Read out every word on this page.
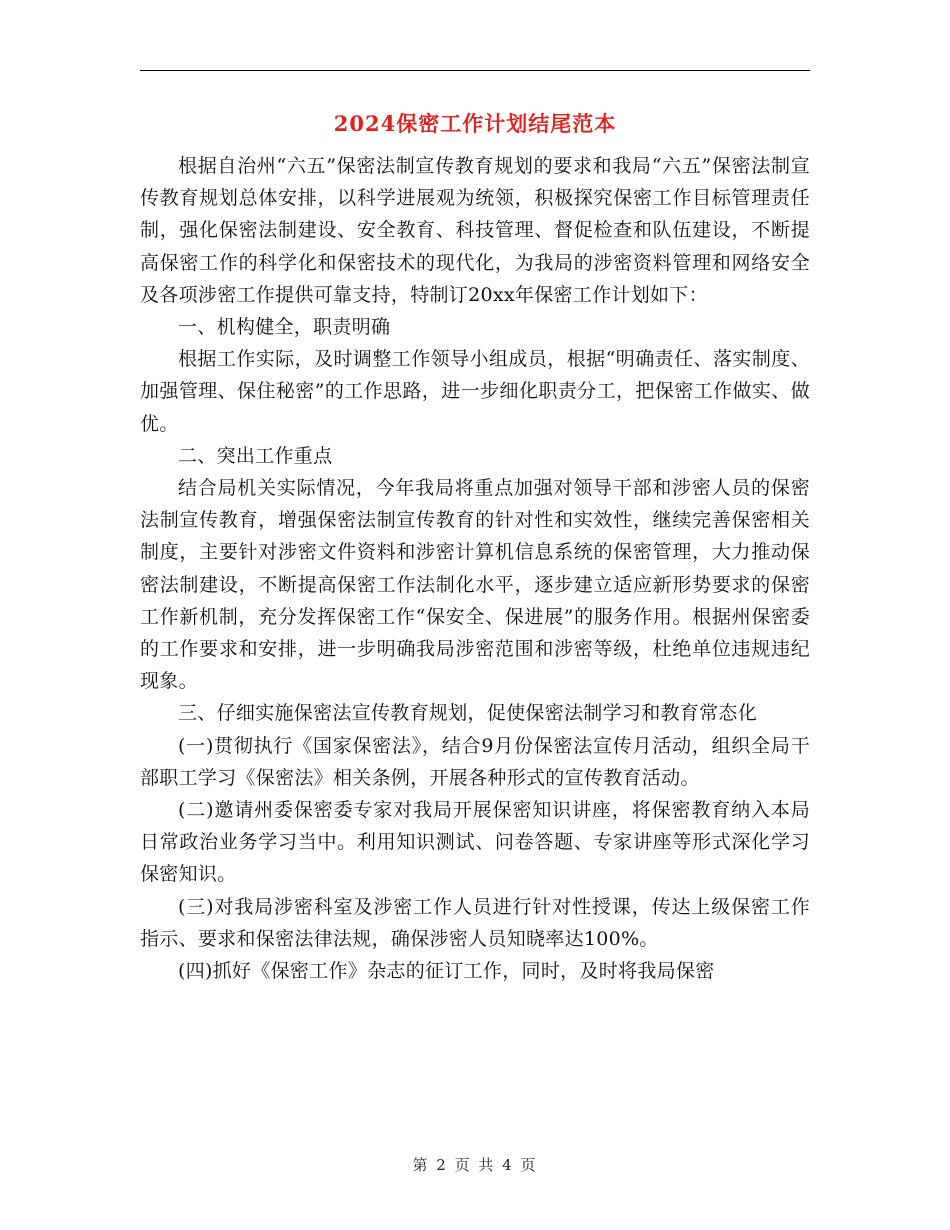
2024保密工作计划结尾范本

根据自治州“六五”保密法制宣传教育规划的要求和我局“六五”保密法制宣传教育规划总体安排，以科学进展观为统领，积极探究保密工作目标管理责任制，强化保密法制建设、安全教育、科技管理、督促检查和队伍建设，不断提高保密工作的科学化和保密技术的现代化，为我局的涉密资料管理和网络安全及各项涉密工作提供可靠支持，特制订20xx年保密工作计划如下：

一、机构健全，职责明确

根据工作实际，及时调整工作领导小组成员，根据“明确责任、落实制度、加强管理、保住秘密”的工作思路，进一步细化职责分工，把保密工作做实、做优。

二、突出工作重点

结合局机关实际情况，今年我局将重点加强对领导干部和涉密人员的保密法制宣传教育，增强保密法制宣传教育的针对性和实效性，继续完善保密相关制度，主要针对涉密文件资料和涉密计算机信息系统的保密管理，大力推动保密法制建设，不断提高保密工作法制化水平，逐步建立适应新形势要求的保密工作新机制，充分发挥保密工作“保安全、保进展”的服务作用。根据州保密委的工作要求和安排，进一步明确我局涉密范围和涉密等级，杜绝单位违规违纪现象。

三、仔细实施保密法宣传教育规划，促使保密法制学习和教育常态化

(一)贯彻执行《国家保密法》，结合9月份保密法宣传月活动，组织全局干部职工学习《保密法》相关条例，开展各种形式的宣传教育活动。

(二)邀请州委保密委专家对我局开展保密知识讲座，将保密教育纳入本局日常政治业务学习当中。利用知识测试、问卷答题、专家讲座等形式深化学习保密知识。

(三)对我局涉密科室及涉密工作人员进行针对性授课，传达上级保密工作指示、要求和保密法律法规，确保涉密人员知晓率达100%。

(四)抓好《保密工作》杂志的征订工作，同时，及时将我局保密

第 2 页 共 4 页
